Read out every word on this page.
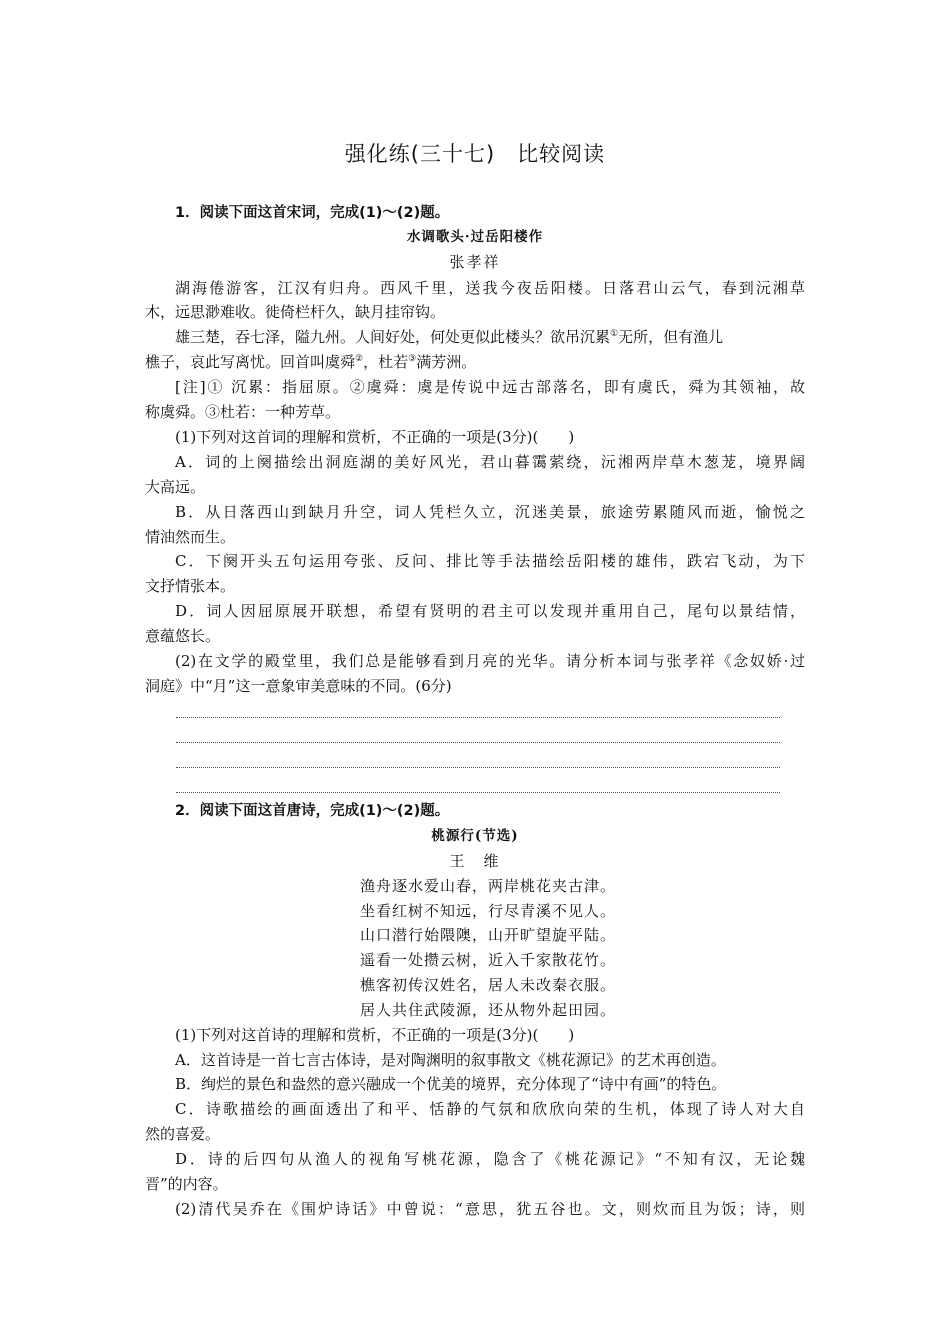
强化练(三十七)　比较阅读
1．阅读下面这首宋词，完成(1)～(2)题。
水调歌头·过岳阳楼作
张孝祥
湖海倦游客，江汉有归舟。西风千里，送我今夜岳阳楼。日落君山云气，春到沅湘草
木，远思渺难收。徙倚栏杆久，缺月挂帘钩。
雄三楚，吞七泽，隘九州。人间好处，何处更似此楼头？欲吊沉累①无所，但有渔儿
樵子，哀此写离忧。回首叫虞舜②，杜若③满芳洲。
[注]① 沉累：指屈原。②虞舜：虞是传说中远古部落名，即有虞氏，舜为其领袖，故
称虞舜。③杜若：一种芳草。
(1)下列对这首词的理解和赏析，不正确的一项是(3分)(　　)
A．词的上阕描绘出洞庭湖的美好风光，君山暮霭萦绕，沅湘两岸草木葱茏，境界阔
大高远。
B．从日落西山到缺月升空，词人凭栏久立，沉迷美景，旅途劳累随风而逝，愉悦之
情油然而生。
C．下阕开头五句运用夸张、反问、排比等手法描绘岳阳楼的雄伟，跌宕飞动，为下
文抒情张本。
D．词人因屈原展开联想，希望有贤明的君主可以发现并重用自己，尾句以景结情，
意蕴悠长。
(2)在文学的殿堂里，我们总是能够看到月亮的光华。请分析本词与张孝祥《念奴娇·过
洞庭》中“月”这一意象审美意味的不同。(6分)
2．阅读下面这首唐诗，完成(1)～(2)题。
桃源行(节选)
王　维
渔舟逐水爱山春，两岸桃花夹古津。
坐看红树不知远，行尽青溪不见人。
山口潜行始隈隩，山开旷望旋平陆。
遥看一处攒云树，近入千家散花竹。
樵客初传汉姓名，居人未改秦衣服。
居人共住武陵源，还从物外起田园。
(1)下列对这首诗的理解和赏析，不正确的一项是(3分)(　　)
A．这首诗是一首七言古体诗，是对陶渊明的叙事散文《桃花源记》的艺术再创造。
B．绚烂的景色和盎然的意兴融成一个优美的境界，充分体现了“诗中有画”的特色。
C．诗歌描绘的画面透出了和平、恬静的气氛和欣欣向荣的生机，体现了诗人对大自
然的喜爱。
D．诗的后四句从渔人的视角写桃花源，隐含了《桃花源记》“不知有汉，无论魏
晋”的内容。
(2)清代吴乔在《围炉诗话》中曾说：“意思，犹五谷也。文，则炊而且为饭；诗，则
